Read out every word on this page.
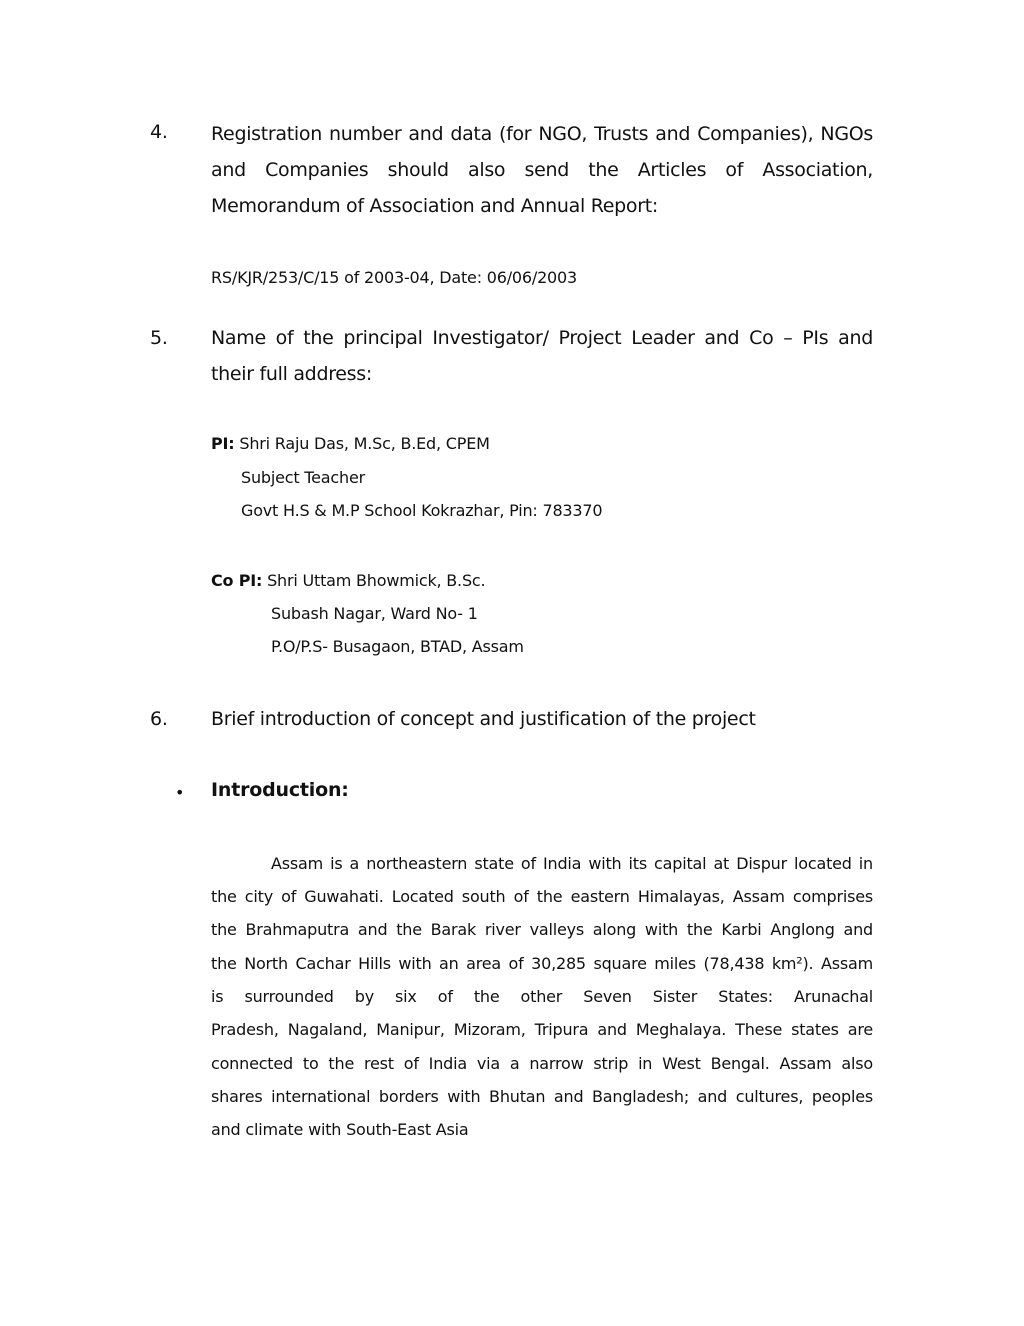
4. Registration number and data (for NGO, Trusts and Companies), NGOs and Companies should also send the Articles of Association, Memorandum of Association and Annual Report:
RS/KJR/253/C/15 of 2003-04, Date: 06/06/2003
5. Name of the principal Investigator/ Project Leader and Co – PIs and their full address:
PI: Shri Raju Das, M.Sc, B.Ed, CPEM
Subject Teacher
Govt H.S & M.P School Kokrazhar, Pin: 783370
Co PI: Shri Uttam Bhowmick, B.Sc.
Subash Nagar, Ward No- 1
P.O/P.S- Busagaon, BTAD, Assam
6. Brief introduction of concept and justification of the project
• Introduction:
Assam is a northeastern state of India with its capital at Dispur located in
the city of Guwahati. Located south of the eastern Himalayas, Assam comprises
the Brahmaputra and the Barak river valleys along with the Karbi Anglong and
the North Cachar Hills with an area of 30,285 square miles (78,438 km²). Assam
is surrounded by six of the other Seven Sister States: Arunachal
Pradesh, Nagaland, Manipur, Mizoram, Tripura and Meghalaya. These states are
connected to the rest of India via a narrow strip in West Bengal. Assam also
shares international borders with Bhutan and Bangladesh; and cultures, peoples
and climate with South-East Asia
